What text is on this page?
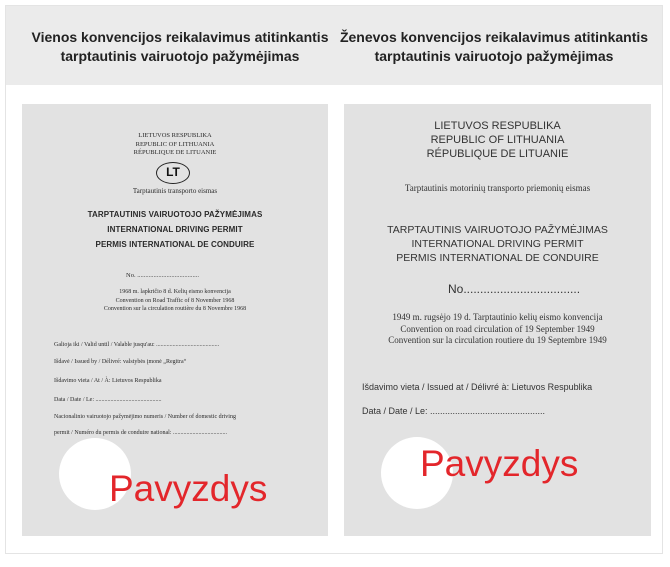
Vienos konvencijos reikalavimus atitinkantis tarptautinis vairuotojo pažymėjimas
Ženevos konvencijos reikalavimus atitinkantis tarptautinis vairuotojo pažymėjimas
LIETUVOS RESPUBLIKA
REPUBLIC OF LITHUANIA
RÉPUBLIQUE DE LITUANIE
LT
Tarptautinis transporto eismas
TARPTAUTINIS VAIRUOTOJO PAŽYMĖJIMAS
INTERNATIONAL DRIVING PERMIT
PERMIS INTERNATIONAL DE CONDUIRE
No. ......................................
1968 m. lapkričio 8 d. Kelių eismo konvencija
Convention on Road Traffic of 8 November 1968
Convention sur la circulation routière du 8 Novembre 1968
Galioja iki / Valid until / Valable jusqu'au: ..........................................
Išdavė / Issued by / Délivré: valstybės įmonė „Regitra“
Išdavimo vieta / At / À: Lietuvos Respublika
Data / Date / Le: ............................................
Nacionalinio vairuotojo pažymėjimo numeris / Number of domestic driving
permit / Numéro du permis de conduire national: ....................................
Pavyzdys
LIETUVOS RESPUBLIKA
REPUBLIC OF LITHUANIA
RÉPUBLIQUE DE LITUANIE
Tarptautinis motorinių transporto priemonių eismas
TARPTAUTINIS VAIRUOTOJO PAŽYMĖJIMAS
INTERNATIONAL DRIVING PERMIT
PERMIS INTERNATIONAL DE CONDUIRE
No...................................
1949 m. rugsėjo 19 d. Tarptautinio kelių eismo konvencija
Convention on road circulation of 19 September 1949
Convention sur la circulation routiere du 19 Septembre 1949
Išdavimo vieta / Issued at / Délivré à: Lietuvos Respublika
Data / Date / Le: ..............................................
Pavyzdys
